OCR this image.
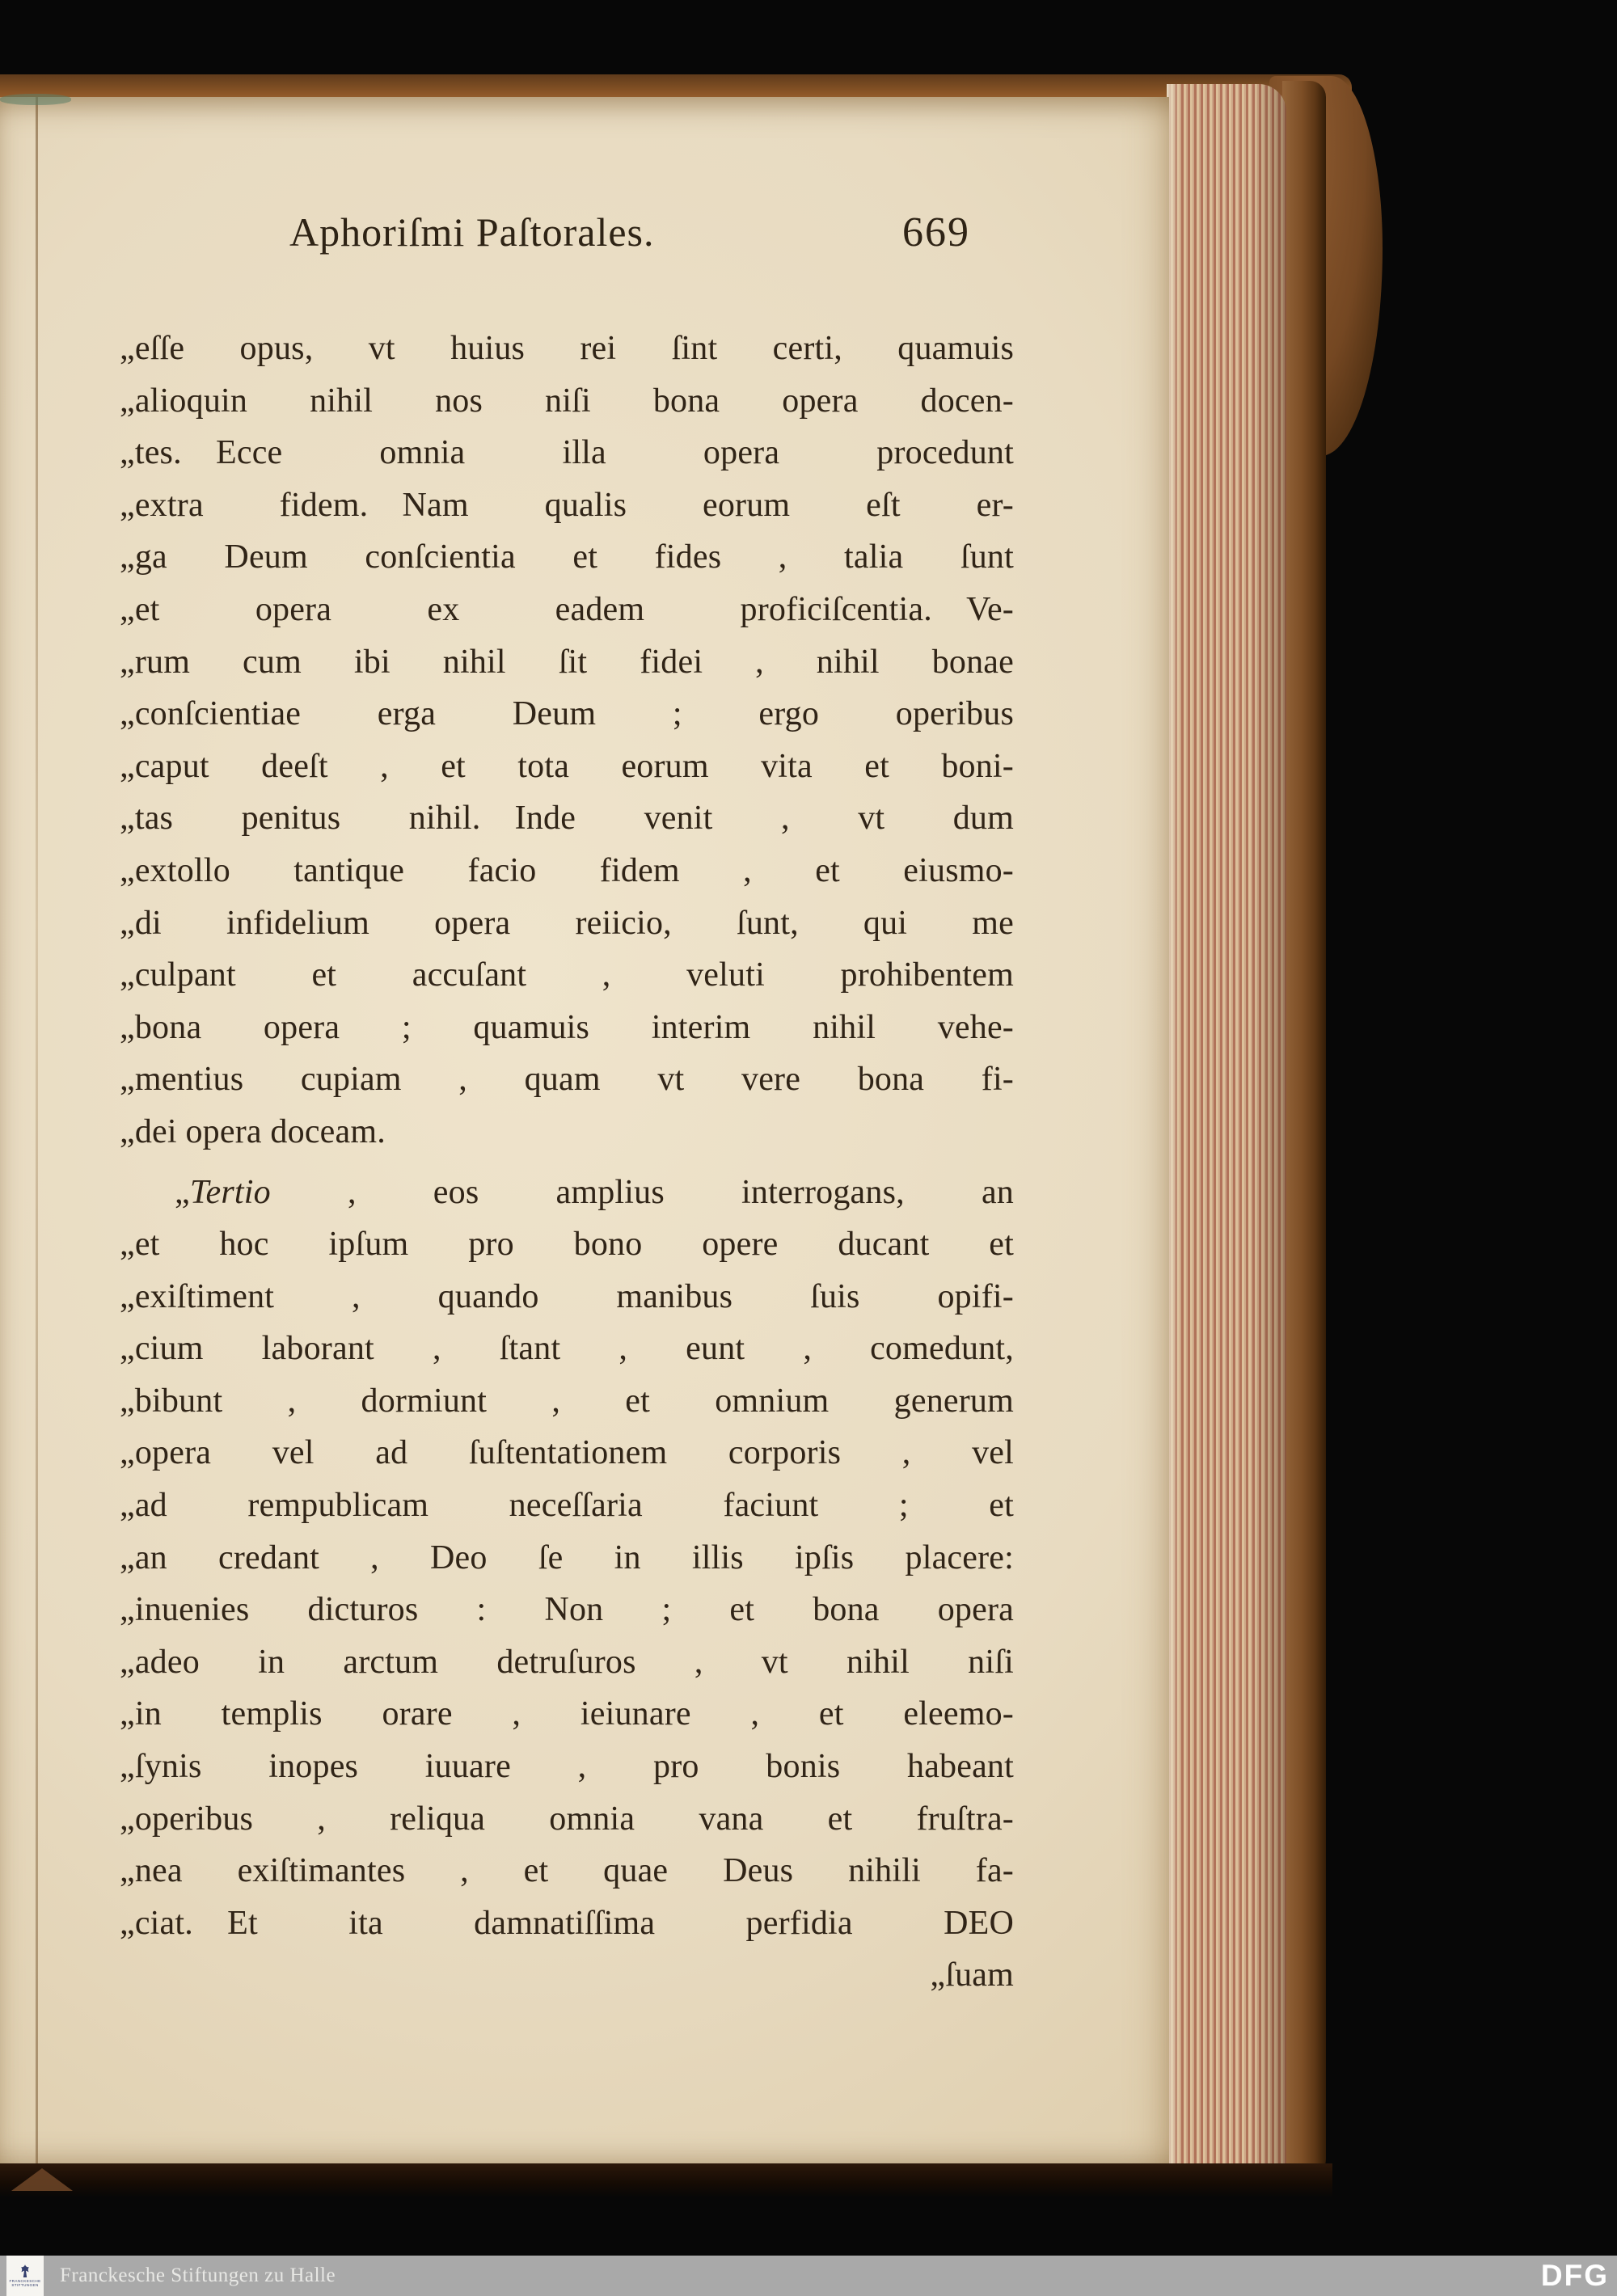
Aphoriſmi Paſtorales.	669
„eſſe opus, vt huius rei ſint certi, quamuis
„alioquin nihil nos niſi bona opera docen-
„tes. Ecce omnia illa opera procedunt
„extra fidem. Nam qualis eorum eſt er-
„ga Deum conſcientia et fides , talia ſunt
„et opera ex eadem proficiſcentia. Ve-
„rum cum ibi nihil ſit fidei , nihil bonae
„conſcientiae erga Deum ; ergo operibus
„caput deeſt , et tota eorum vita et boni-
„tas penitus nihil. Inde venit , vt dum
„extollo tantique facio fidem , et eiusmo-
„di infidelium opera reiicio, ſunt, qui me
„culpant et accuſant , veluti prohibentem
„bona opera ; quamuis interim nihil vehe-
„mentius cupiam , quam vt vere bona fi-
„dei opera doceam.
„Tertio , eos amplius interrogans, an
„et hoc ipſum pro bono opere ducant et
„exiſtiment , quando manibus ſuis opifi-
„cium laborant , ſtant , eunt , comedunt,
„bibunt , dormiunt , et omnium generum
„opera vel ad ſuſtentationem corporis , vel
„ad rempublicam neceſſaria faciunt ; et
„an credant , Deo ſe in illis ipſis placere:
„inuenies dicturos : Non ; et bona opera
„adeo in arctum detruſuros , vt nihil niſi
„in templis orare , ieiunare , et eleemo-
„ſynis inopes iuuare , pro bonis habeant
„operibus , reliqua omnia vana et fruſtra-
„nea exiſtimantes , et quae Deus nihili fa-
„ciat. Et ita damnatiſſima perfidia DEO
„ſuam
FRANCKESCHE
STIFTUNGEN Franckesche Stiftungen zu Halle	DFG
